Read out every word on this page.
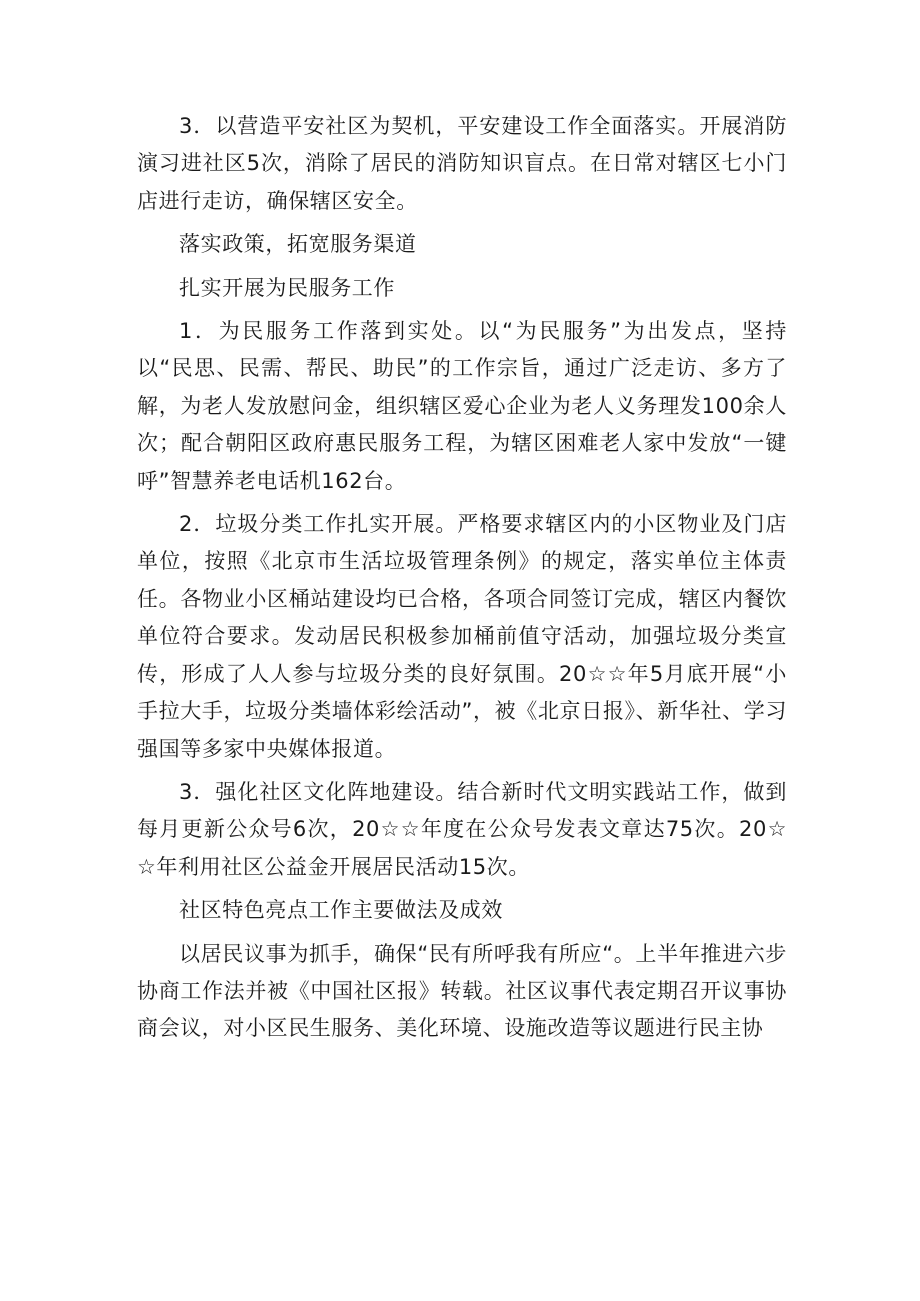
3．以营造平安社区为契机，平安建设工作全面落实。开展消防演习进社区5次，消除了居民的消防知识盲点。在日常对辖区七小门店进行走访，确保辖区安全。

落实政策，拓宽服务渠道

扎实开展为民服务工作

1．为民服务工作落到实处。以“为民服务”为出发点，坚持以“民思、民需、帮民、助民”的工作宗旨，通过广泛走访、多方了解，为老人发放慰问金，组织辖区爱心企业为老人义务理发100余人次；配合朝阳区政府惠民服务工程，为辖区困难老人家中发放“一键呼”智慧养老电话机162台。

2．垃圾分类工作扎实开展。严格要求辖区内的小区物业及门店单位，按照《北京市生活垃圾管理条例》的规定，落实单位主体责任。各物业小区桶站建设均已合格，各项合同签订完成，辖区内餐饮单位符合要求。发动居民积极参加桶前值守活动，加强垃圾分类宣传，形成了人人参与垃圾分类的良好氛围。20☆☆年5月底开展“小手拉大手，垃圾分类墙体彩绘活动”，被《北京日报》、新华社、学习强国等多家中央媒体报道。

3．强化社区文化阵地建设。结合新时代文明实践站工作，做到每月更新公众号6次，20☆☆年度在公众号发表文章达75次。20☆☆年利用社区公益金开展居民活动15次。

社区特色亮点工作主要做法及成效

以居民议事为抓手，确保“民有所呼我有所应“。上半年推进六步协商工作法并被《中国社区报》转载。社区议事代表定期召开议事协商会议，对小区民生服务、美化环境、设施改造等议题进行民主协
